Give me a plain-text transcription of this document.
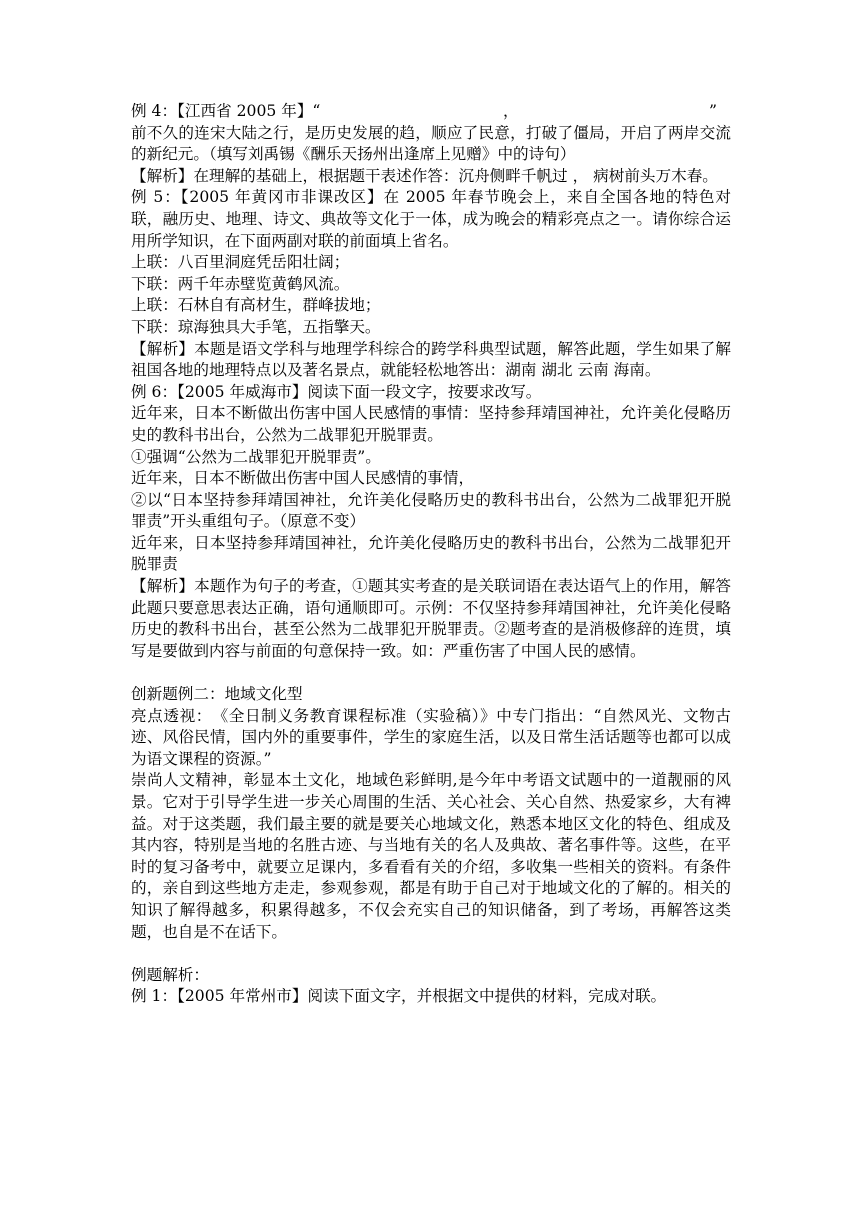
例 4：【江西省 2005 年】“	，	”

前不久的连宋大陆之行，是历史发展的趋，顺应了民意，打破了僵局，开启了两岸交流的新纪元。（填写刘禹锡《酬乐天扬州出逢席上见赠》中的诗句）

【解析】在理解的基础上，根据题干表述作答：沉舟侧畔千帆过 ， 病树前头万木春。

例 5：【2005 年黄冈市非课改区】在 2005 年春节晚会上，来自全国各地的特色对联，融历史、地理、诗文、典故等文化于一体，成为晚会的精彩亮点之一。请你综合运用所学知识，在下面两副对联的前面填上省名。

上联：八百里洞庭凭岳阳壮阔；

下联：两千年赤壁览黄鹤风流。

上联：石林自有高材生，群峰拔地；

下联：琼海独具大手笔，五指擎天。

【解析】本题是语文学科与地理学科综合的跨学科典型试题，解答此题，学生如果了解祖国各地的地理特点以及著名景点，就能轻松地答出：湖南 湖北 云南 海南。

例 6：【2005 年威海市】阅读下面一段文字，按要求改写。

近年来，日本不断做出伤害中国人民感情的事情：坚持参拜靖国神社，允许美化侵略历史的教科书出台，公然为二战罪犯开脱罪责。

①强调“公然为二战罪犯开脱罪责”。

近年来，日本不断做出伤害中国人民感情的事情，

②以“日本坚持参拜靖国神社，允许美化侵略历史的教科书出台，公然为二战罪犯开脱罪责”开头重组句子。（原意不变）

近年来，日本坚持参拜靖国神社，允许美化侵略历史的教科书出台，公然为二战罪犯开脱罪责

【解析】本题作为句子的考查，①题其实考查的是关联词语在表达语气上的作用，解答此题只要意思表达正确，语句通顺即可。示例：不仅坚持参拜靖国神社，允许美化侵略历史的教科书出台，甚至公然为二战罪犯开脱罪责。②题考查的是消极修辞的连贯，填写是要做到内容与前面的句意保持一致。如：严重伤害了中国人民的感情。

创新题例二：地域文化型

亮点透视：　《全日制义务教育课程标准（实验稿）》中专门指出：“自然风光、文物古迹、风俗民情，国内外的重要事件，学生的家庭生活，以及日常生活话题等也都可以成为语文课程的资源。”

崇尚人文精神，彰显本土文化，地域色彩鲜明,是今年中考语文试题中的一道靓丽的风景。它对于引导学生进一步关心周围的生活、关心社会、关心自然、热爱家乡，大有裨益。对于这类题，我们最主要的就是要关心地域文化，熟悉本地区文化的特色、组成及其内容，特别是当地的名胜古迹、与当地有关的名人及典故、著名事件等。这些，在平时的复习备考中，就要立足课内，多看看有关的介绍，多收集一些相关的资料。有条件的，亲自到这些地方走走，参观参观，都是有助于自己对于地域文化的了解的。相关的知识了解得越多，积累得越多，不仅会充实自己的知识储备，到了考场，再解答这类题，也自是不在话下。

例题解析：

例 1：【2005 年常州市】阅读下面文字，并根据文中提供的材料，完成对联。
